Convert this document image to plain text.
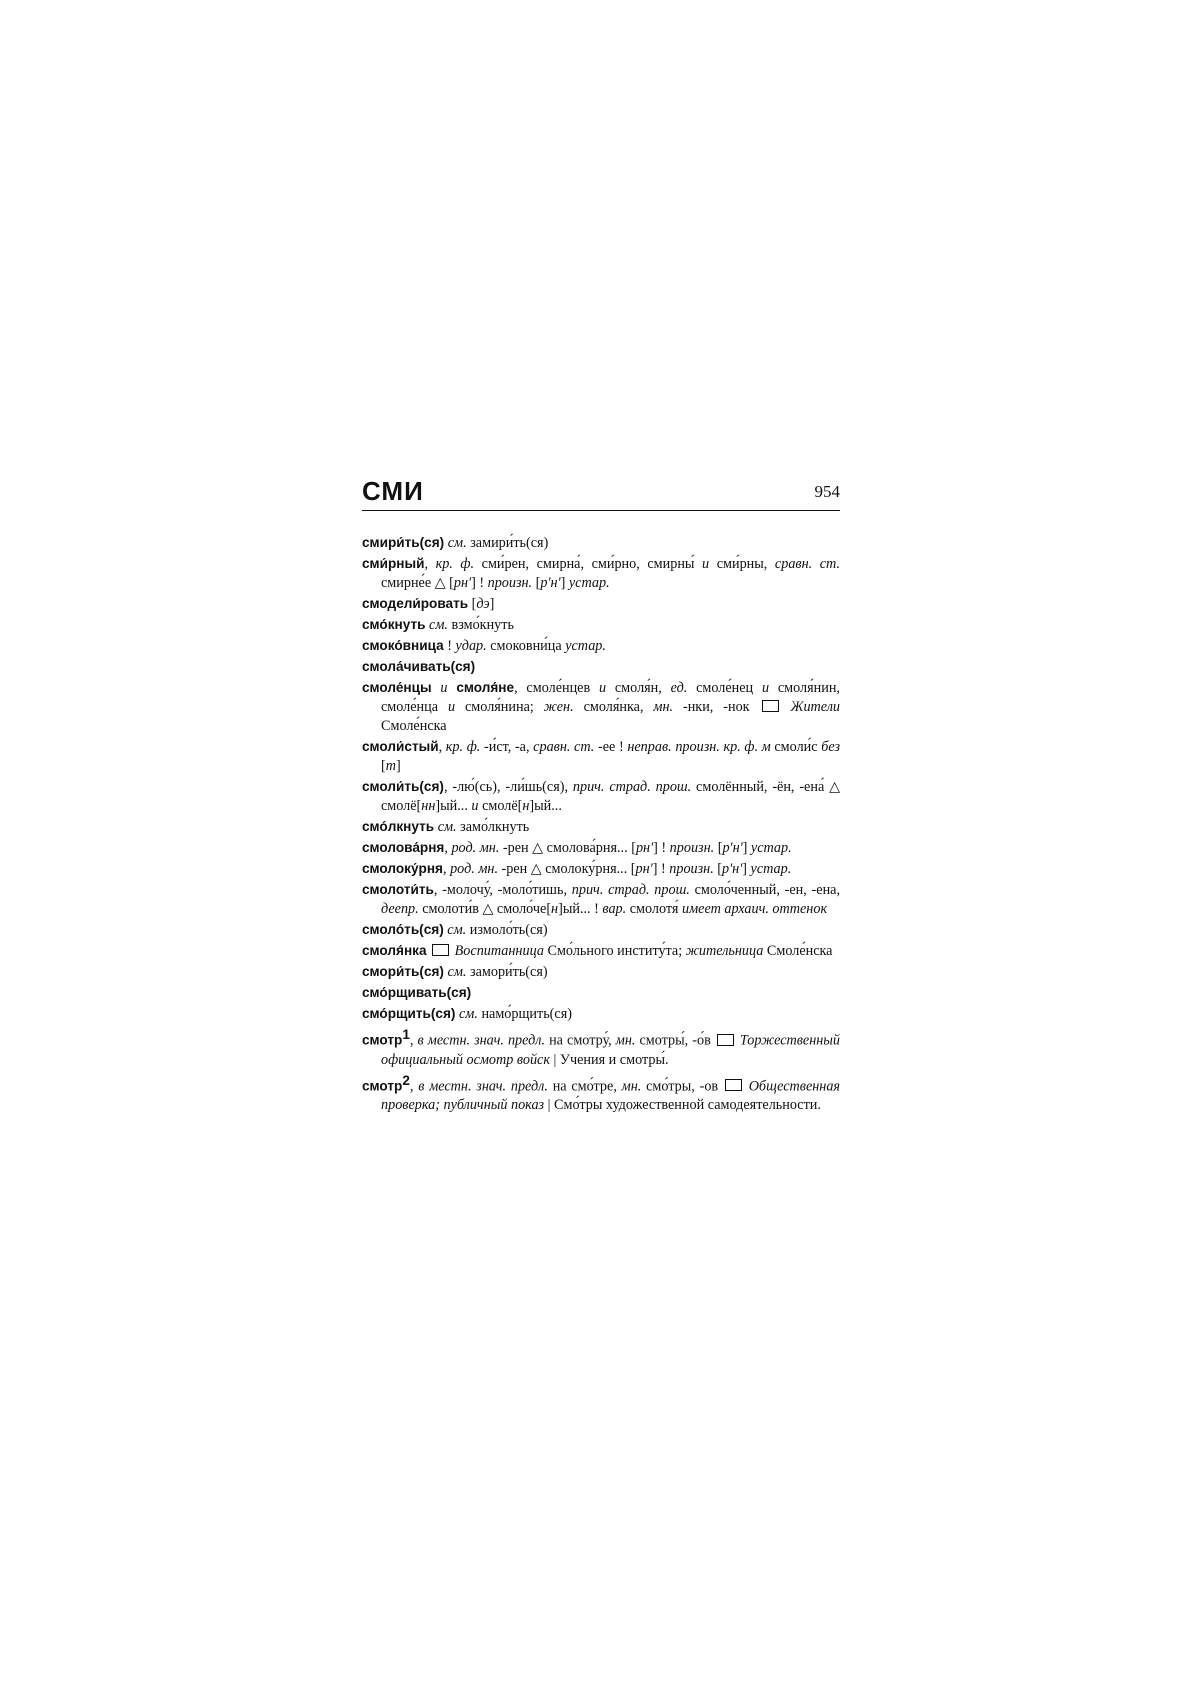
СМИ	954

смири́ть(ся) см. замири́ть(ся)

сми́рный, кр. ф. сми́рен, смирна́, сми́рно, смирны́ и сми́рны, сравн. ст. смирне́е △ [рн'] ! произн. [р'н'] устар.

смодели́ровать [дэ]

смо́кнуть см. взмо́кнуть

смоко́вница ! удар. смоковни́ца устар.

смола́чивать(ся)

смоле́нцы и смоля́не, смоле́нцев и смоля́н, ед. смоле́нец и смоля́нин, смоле́нца и смоля́нина; жен. смоля́нка, мн. -нки, -нок  Жители Смоле́нска

смоли́стый, кр. ф. -и́ст, -а, сравн. ст. -ее ! неправ. произн. кр. ф. м смоли́с без [т]

смоли́ть(ся), -лю́(сь), -ли́шь(ся), прич. страд. прош. смолённый, -ён, -ена́ △ смолё[нн]ый... и смолё[н]ый...

смо́лкнуть см. замо́лкнуть

смолова́рня, род. мн. -рен △ смолова́рня... [рн'] ! произн. [р'н'] устар.

смолоку́рня, род. мн. -рен △ смолоку́рня... [рн'] ! произн. [р'н'] устар.

смолоти́ть, -молочу́, -моло́тишь, прич. страд. прош. смоло́ченный, -ен, -ена, деепр. смолоти́в △ смоло́че[н]ый... ! вар. смолотя́ имеет архаич. оттенок

смоло́ть(ся) см. измоло́ть(ся)

смоля́нка Воспитанница Смо́льного институ́та; жительница Смоле́нска

смори́ть(ся) см. замори́ть(ся)

смо́рщивать(ся)

смо́рщить(ся) см. намо́рщить(ся)

смотр$^1$, в местн. знач. предл. на смотру́, мн. смотры́, -о́в  Торжественный официальный осмотр войск | Учения и смотры́.

смотр$^2$, в местн. знач. предл. на смо́тре, мн. смо́тры, -ов  Общественная проверка; публичный показ | Смо́тры художественной самодеятельности.
